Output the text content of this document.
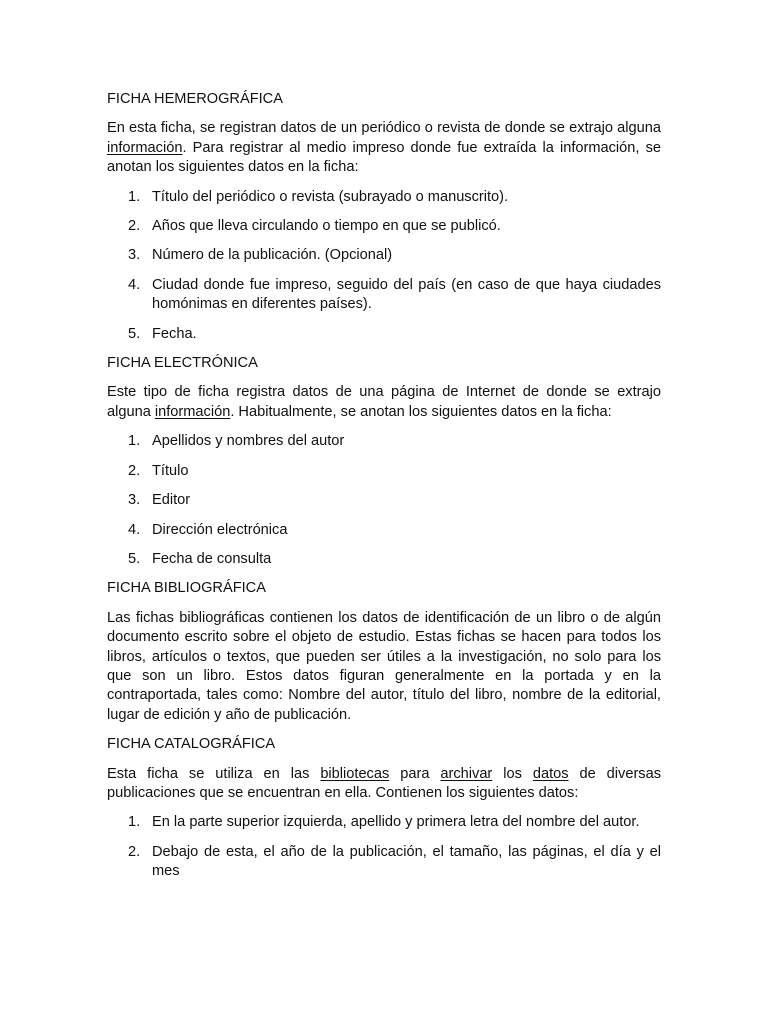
FICHA HEMEROGRÁFICA

En esta ficha, se registran datos de un periódico o revista de donde se extrajo alguna información. Para registrar al medio impreso donde fue extraída la información, se anotan los siguientes datos en la ficha:

1. Título del periódico o revista (subrayado o manuscrito).
2. Años que lleva circulando o tiempo en que se publicó.
3. Número de la publicación. (Opcional)
4. Ciudad donde fue impreso, seguido del país (en caso de que haya ciudades homónimas en diferentes países).
5. Fecha.
FICHA ELECTRÓNICA

Este tipo de ficha registra datos de una página de Internet de donde se extrajo alguna información. Habitualmente, se anotan los siguientes datos en la ficha:

1. Apellidos y nombres del autor
2. Título
3. Editor
4. Dirección electrónica
5. Fecha de consulta
FICHA BIBLIOGRÁFICA

Las fichas bibliográficas contienen los datos de identificación de un libro o de algún documento escrito sobre el objeto de estudio. Estas fichas se hacen para todos los libros, artículos o textos, que pueden ser útiles a la investigación, no solo para los que son un libro. Estos datos figuran generalmente en la portada y en la contraportada, tales como: Nombre del autor, título del libro, nombre de la editorial, lugar de edición y año de publicación.

FICHA CATALOGRÁFICA

Esta ficha se utiliza en las bibliotecas para archivar los datos de diversas publicaciones que se encuentran en ella. Contienen los siguientes datos:

1. En la parte superior izquierda, apellido y primera letra del nombre del autor.
2. Debajo de esta, el año de la publicación, el tamaño, las páginas, el día y el mes
